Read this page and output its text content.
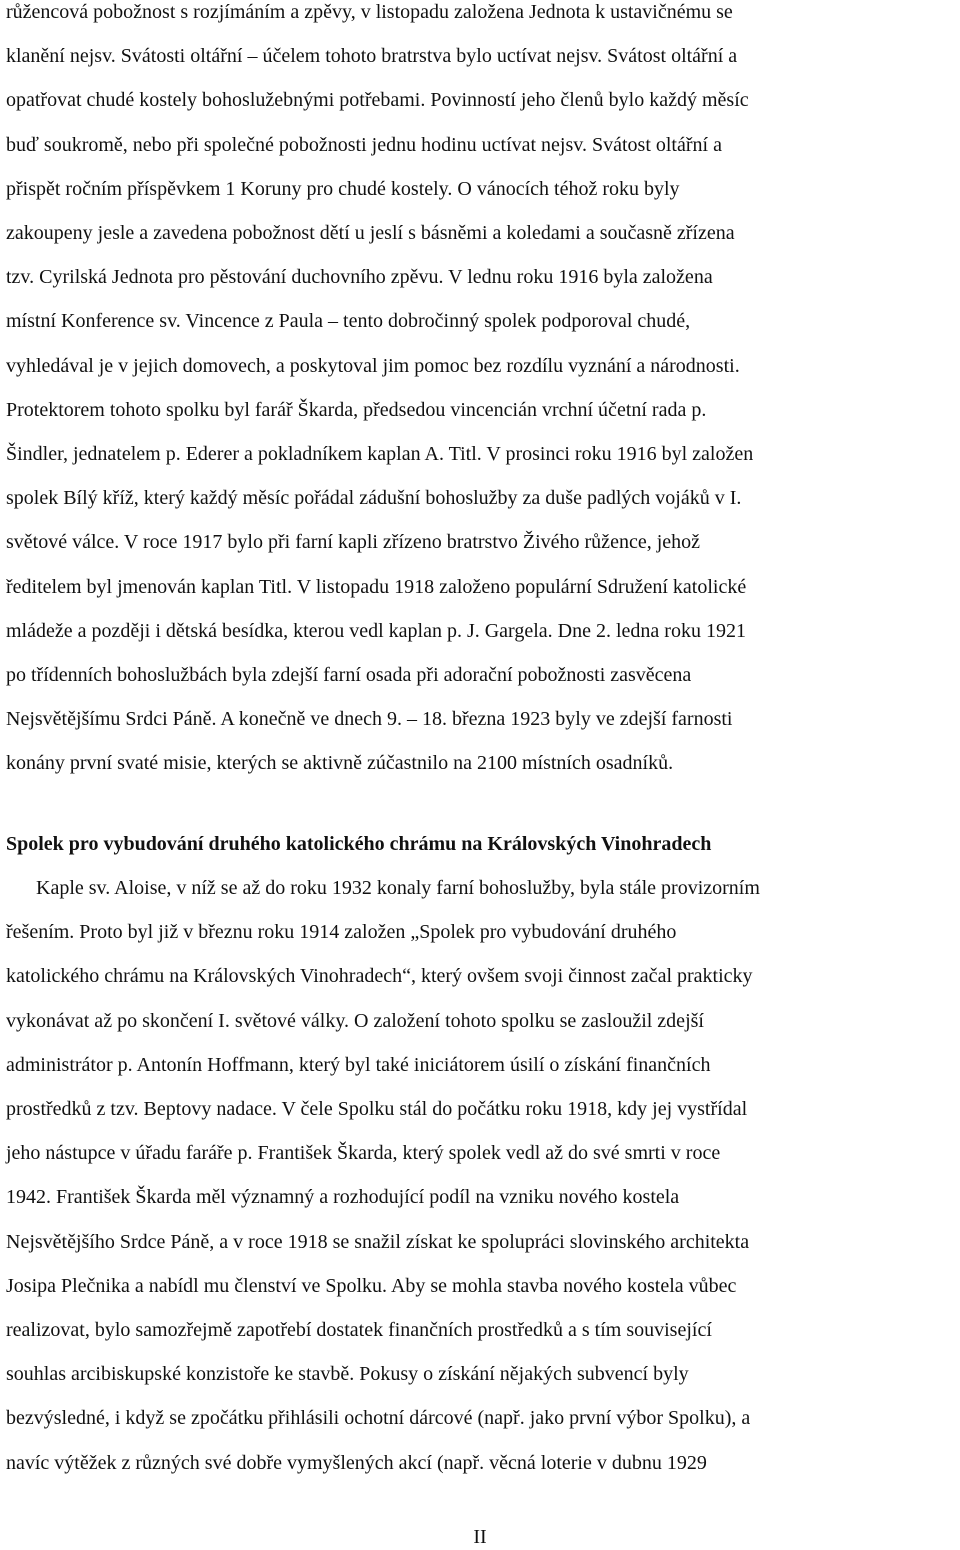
růžencová pobožnost s rozjímáním a zpěvy, v listopadu založena Jednota k ustavičnému se
klanění nejsv. Svátosti oltářní – účelem tohoto bratrstva bylo uctívat nejsv. Svátost oltářní a
opatřovat chudé kostely bohoslužebnými potřebami. Povinností jeho členů bylo každý měsíc
buď soukromě, nebo při společné pobožnosti jednu hodinu uctívat nejsv. Svátost oltářní a
přispět ročním příspěvkem 1 Koruny pro chudé kostely. O vánocích téhož roku byly
zakoupeny jesle a zavedena pobožnost dětí u jeslí s básněmi a koledami a současně zřízena
tzv. Cyrilská Jednota pro pěstování duchovního zpěvu. V lednu roku 1916 byla založena
místní Konference sv. Vincence z Paula – tento dobročinný spolek podporoval chudé,
vyhledával je v jejich domovech, a poskytoval jim pomoc bez rozdílu vyznání a národnosti.
Protektorem tohoto spolku byl farář Škarda, předsedou vincencián vrchní účetní rada p.
Šindler, jednatelem p. Ederer a pokladníkem kaplan A. Titl. V prosinci roku 1916 byl založen
spolek Bílý kříž, který každý měsíc pořádal zádušní bohoslužby za duše padlých vojáků v I.
světové válce. V roce 1917 bylo při farní kapli zřízeno bratrstvo Živého růžence, jehož
ředitelem byl jmenován kaplan Titl. V listopadu 1918 založeno populární Sdružení katolické
mládeže a později i dětská besídka, kterou vedl kaplan p. J. Gargela. Dne 2. ledna roku 1921
po třídenních bohoslužbách byla zdejší farní osada při adorační pobožnosti zasvěcena
Nejsvětějšímu Srdci Páně. A konečně ve dnech 9. – 18. března 1923 byly ve zdejší farnosti
konány první svaté misie, kterých se aktivně zúčastnilo na 2100 místních osadníků.
Spolek pro vybudování druhého katolického chrámu na Královských Vinohradech
Kaple sv. Aloise, v níž se až do roku 1932 konaly farní bohoslužby, byla stále provizorním
řešením. Proto byl již v březnu roku 1914 založen „Spolek pro vybudování druhého
katolického chrámu na Královských Vinohradech“, který ovšem svoji činnost začal prakticky
vykonávat až po skončení I. světové války. O založení tohoto spolku se zasloužil zdejší
administrátor p. Antonín Hoffmann, který byl také iniciátorem úsilí o získání finančních
prostředků z tzv. Beptovy nadace. V čele Spolku stál do počátku roku 1918, kdy jej vystřídal
jeho nástupce v úřadu faráře p. František Škarda, který spolek vedl až do své smrti v roce
1942. František Škarda měl významný a rozhodující podíl na vzniku nového kostela
Nejsvětějšího Srdce Páně, a v roce 1918 se snažil získat ke spolupráci slovinského architekta
Josipa Plečnika a nabídl mu členství ve Spolku. Aby se mohla stavba nového kostela vůbec
realizovat, bylo samozřejmě zapotřebí dostatek finančních prostředků a s tím související
souhlas arcibiskupské konzistoře ke stavbě. Pokusy o získání nějakých subvencí byly
bezvýsledné, i když se zpočátku přihlásili ochotní dárcové (např. jako první výbor Spolku), a
navíc výtěžek z různých své dobře vymyšlených akcí (např. věcná loterie v dubnu 1929
II
